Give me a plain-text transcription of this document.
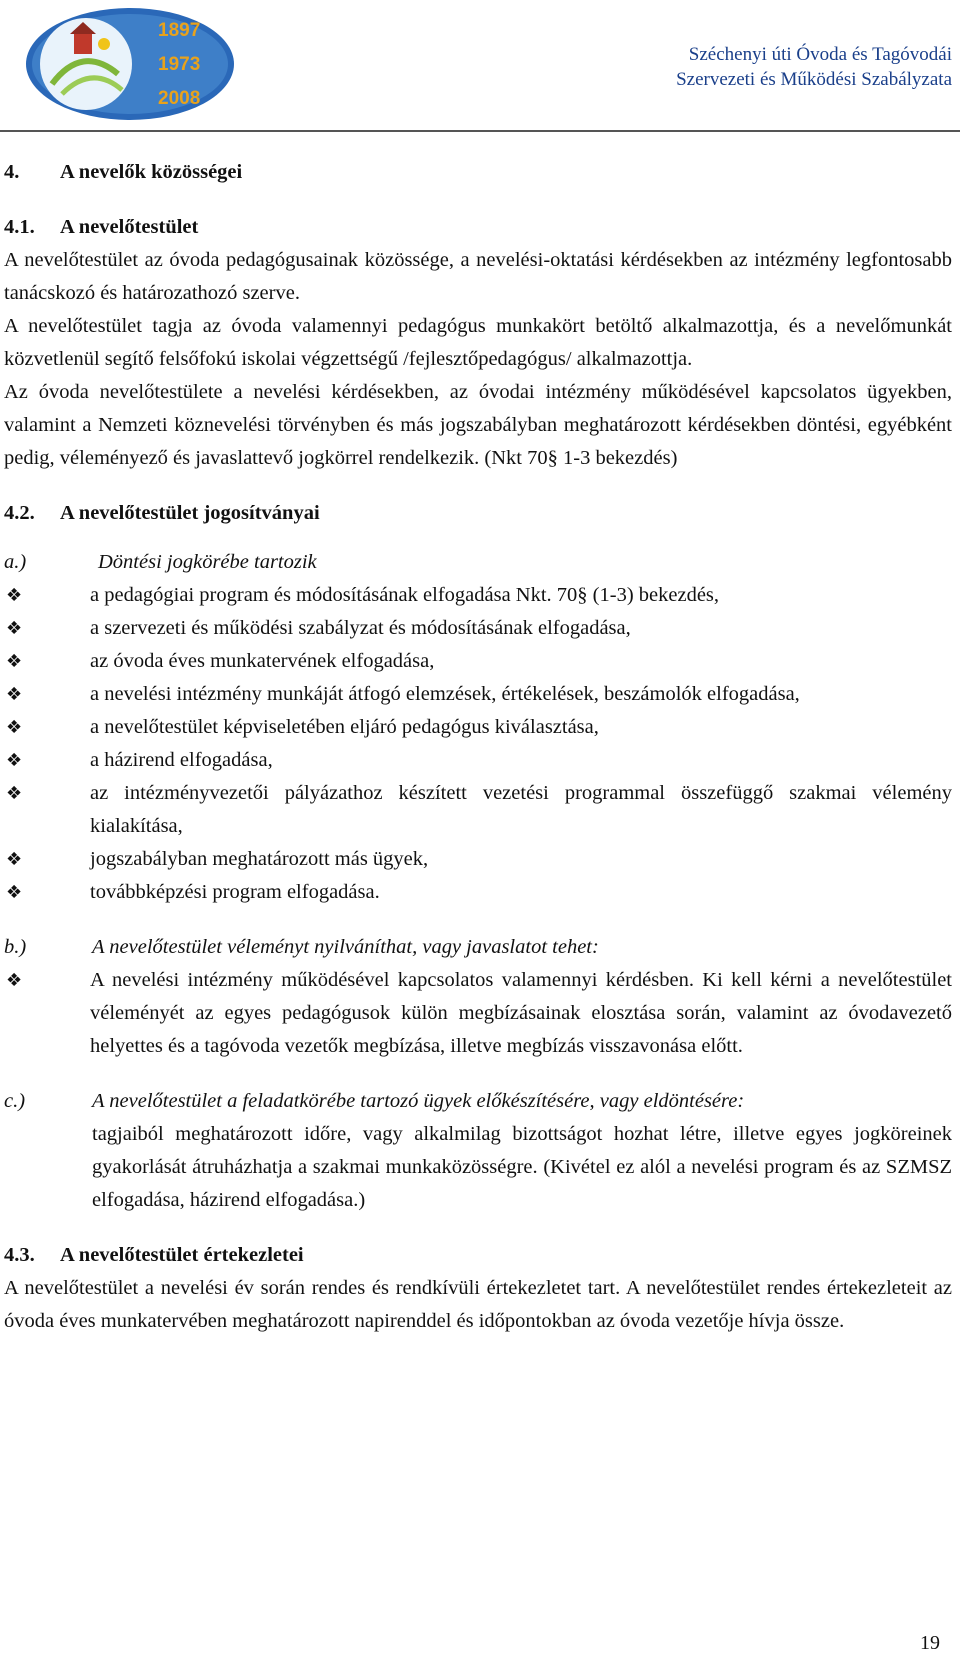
1897
1973
2008
Széchenyi úti Óvoda és Tagóvodái
Szervezeti és Működési Szabályzata
4.	A nevelők közösségei
4.1.	A nevelőtestület

A nevelőtestület az óvoda pedagógusainak közössége, a nevelési-oktatási kérdésekben az intézmény legfontosabb tanácskozó és határozathozó szerve.

A nevelőtestület tagja az óvoda valamennyi pedagógus munkakört betöltő alkalmazottja, és a nevelőmunkát közvetlenül segítő felsőfokú iskolai végzettségű /fejlesztőpedagógus/ alkalmazottja.

Az óvoda nevelőtestülete a nevelési kérdésekben, az óvodai intézmény működésével kapcsolatos ügyekben, valamint a Nemzeti köznevelési törvényben és más jogszabályban meghatározott kérdésekben döntési, egyébként pedig, véleményező és javaslattevő jogkörrel rendelkezik. (Nkt 70§ 1-3 bekezdés)

4.2.	A nevelőtestület jogosítványai
a.)	Döntési jogkörébe tartozik
❖	a pedagógiai program és módosításának elfogadása Nkt. 70§ (1-3) bekezdés,
❖	a szervezeti és működési szabályzat és módosításának elfogadása,
❖	az óvoda éves munkatervének elfogadása,
❖	a nevelési intézmény munkáját átfogó elemzések, értékelések, beszámolók elfogadása,
❖	a nevelőtestület képviseletében eljáró pedagógus kiválasztása,
❖	a házirend elfogadása,
❖	az intézményvezetői pályázathoz készített vezetési programmal összefüggő szakmai vélemény kialakítása,
❖	jogszabályban meghatározott más ügyek,
❖	továbbképzési program elfogadása.
b.)	A nevelőtestület véleményt nyilváníthat, vagy javaslatot tehet:
❖	A nevelési intézmény működésével kapcsolatos valamennyi kérdésben. Ki kell kérni a nevelőtestület véleményét az egyes pedagógusok külön megbízásainak elosztása során, valamint az óvodavezető helyettes és a tagóvoda vezetők megbízása, illetve megbízás visszavonása előtt.
c.)	A nevelőtestület a feladatkörébe tartozó ügyek előkészítésére, vagy eldöntésére:

tagjaiból meghatározott időre, vagy alkalmilag bizottságot hozhat létre, illetve egyes jogköreinek gyakorlását átruházhatja a szakmai munkaközösségre. (Kivétel ez alól a nevelési program és az SZMSZ elfogadása, házirend elfogadása.)

4.3.	A nevelőtestület értekezletei

A nevelőtestület a nevelési év során rendes és rendkívüli értekezletet tart. A nevelőtestület rendes értekezleteit az óvoda éves munkatervében meghatározott napirenddel és időpontokban az óvoda vezetője hívja össze.

19
